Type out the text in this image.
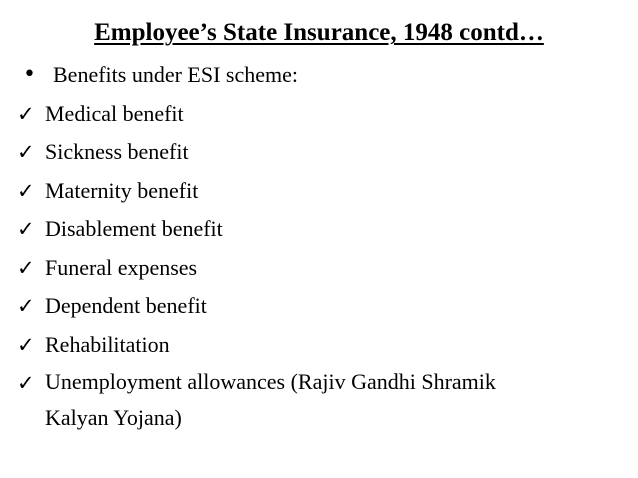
Employee’s State Insurance, 1948 contd…
• Benefits under ESI scheme:
✓ Medical benefit
✓ Sickness benefit
✓ Maternity benefit
✓ Disablement benefit
✓ Funeral expenses
✓ Dependent benefit
✓ Rehabilitation
✓ Unemployment allowances (Rajiv Gandhi Shramik Kalyan Yojana)
